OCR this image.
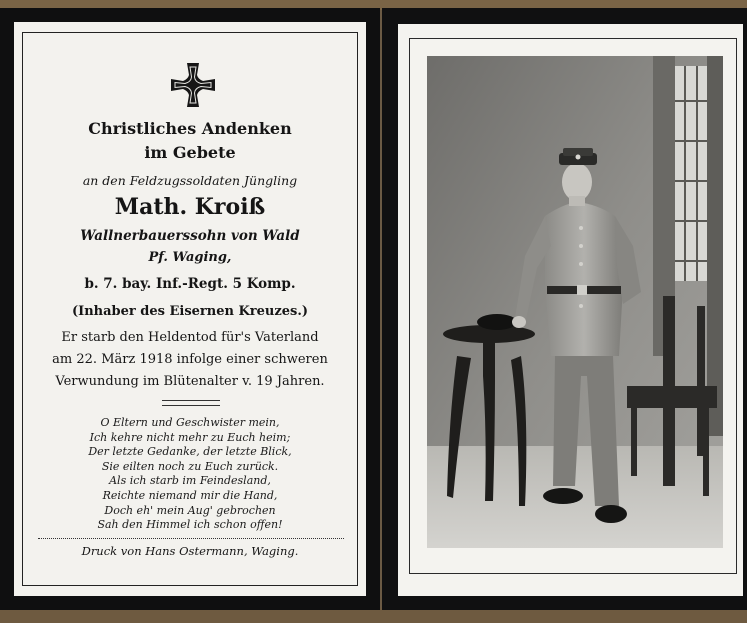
Christliches Andenken
im Gebete
an den Feldzugssoldaten Jüngling
Math. Kroiß
Wallnerbauerssohn von Wald
Pf. Waging,
b. 7. bay. Inf.-Regt. 5 Komp.
(Inhaber des Eisernen Kreuzes.)
Er starb den Heldentod für's Vaterland
am 22. März 1918 infolge einer schweren
Verwundung im Blütenalter v. 19 Jahren.
O Eltern und Geschwister mein,
Ich kehre nicht mehr zu Euch heim;
Der letzte Gedanke, der letzte Blick,
Sie eilten noch zu Euch zurück.
Als ich starb im Feindesland,
Reichte niemand mir die Hand,
Doch eh' mein Aug' gebrochen
Sah den Himmel ich schon offen!
Druck von Hans Ostermann, Waging.
